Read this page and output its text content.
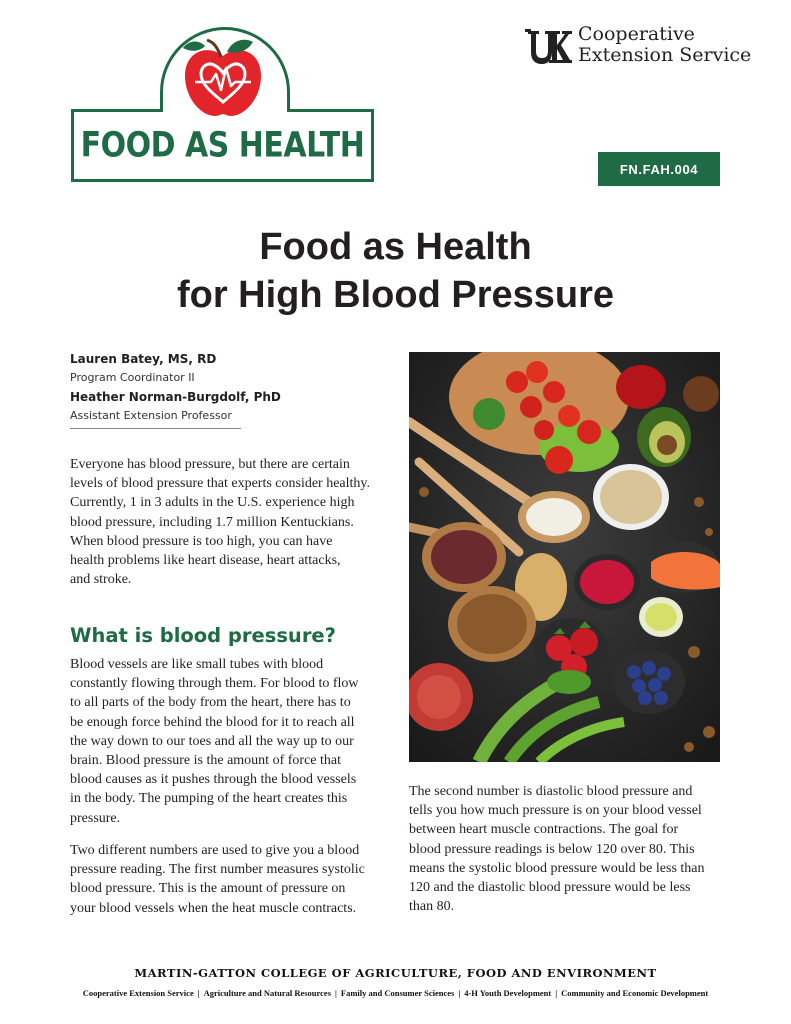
FOOD AS HEALTH
Cooperative
Extension Service
FN.FAH.004
Food as Health
for High Blood Pressure
Lauren Batey, MS, RD
Program Coordinator II
Heather Norman-Burgdolf, PhD
Assistant Extension Professor
Everyone has blood pressure, but there are certain
levels of blood pressure that experts consider healthy.
Currently, 1 in 3 adults in the U.S. experience high
blood pressure, including 1.7 million Kentuckians.
When blood pressure is too high, you can have
health problems like heart disease, heart attacks,
and stroke.
What is blood pressure?
Blood vessels are like small tubes with blood
constantly flowing through them. For blood to flow
to all parts of the body from the heart, there has to
be enough force behind the blood for it to reach all
the way down to our toes and all the way up to our
brain. Blood pressure is the amount of force that
blood causes as it pushes through the blood vessels
in the body. The pumping of the heart creates this
pressure.
Two different numbers are used to give you a blood
pressure reading. The first number measures systolic
blood pressure. This is the amount of pressure on
your blood vessels when the heat muscle contracts.
The second number is diastolic blood pressure and
tells you how much pressure is on your blood vessel
between heart muscle contractions. The goal for
blood pressure readings is below 120 over 80. This
means the systolic blood pressure would be less than
120 and the diastolic blood pressure would be less
than 80.
MARTIN-GATTON COLLEGE OF AGRICULTURE, FOOD AND ENVIRONMENT
Cooperative Extension Service | Agriculture and Natural Resources | Family and Consumer Sciences | 4-H Youth Development | Community and Economic Development
